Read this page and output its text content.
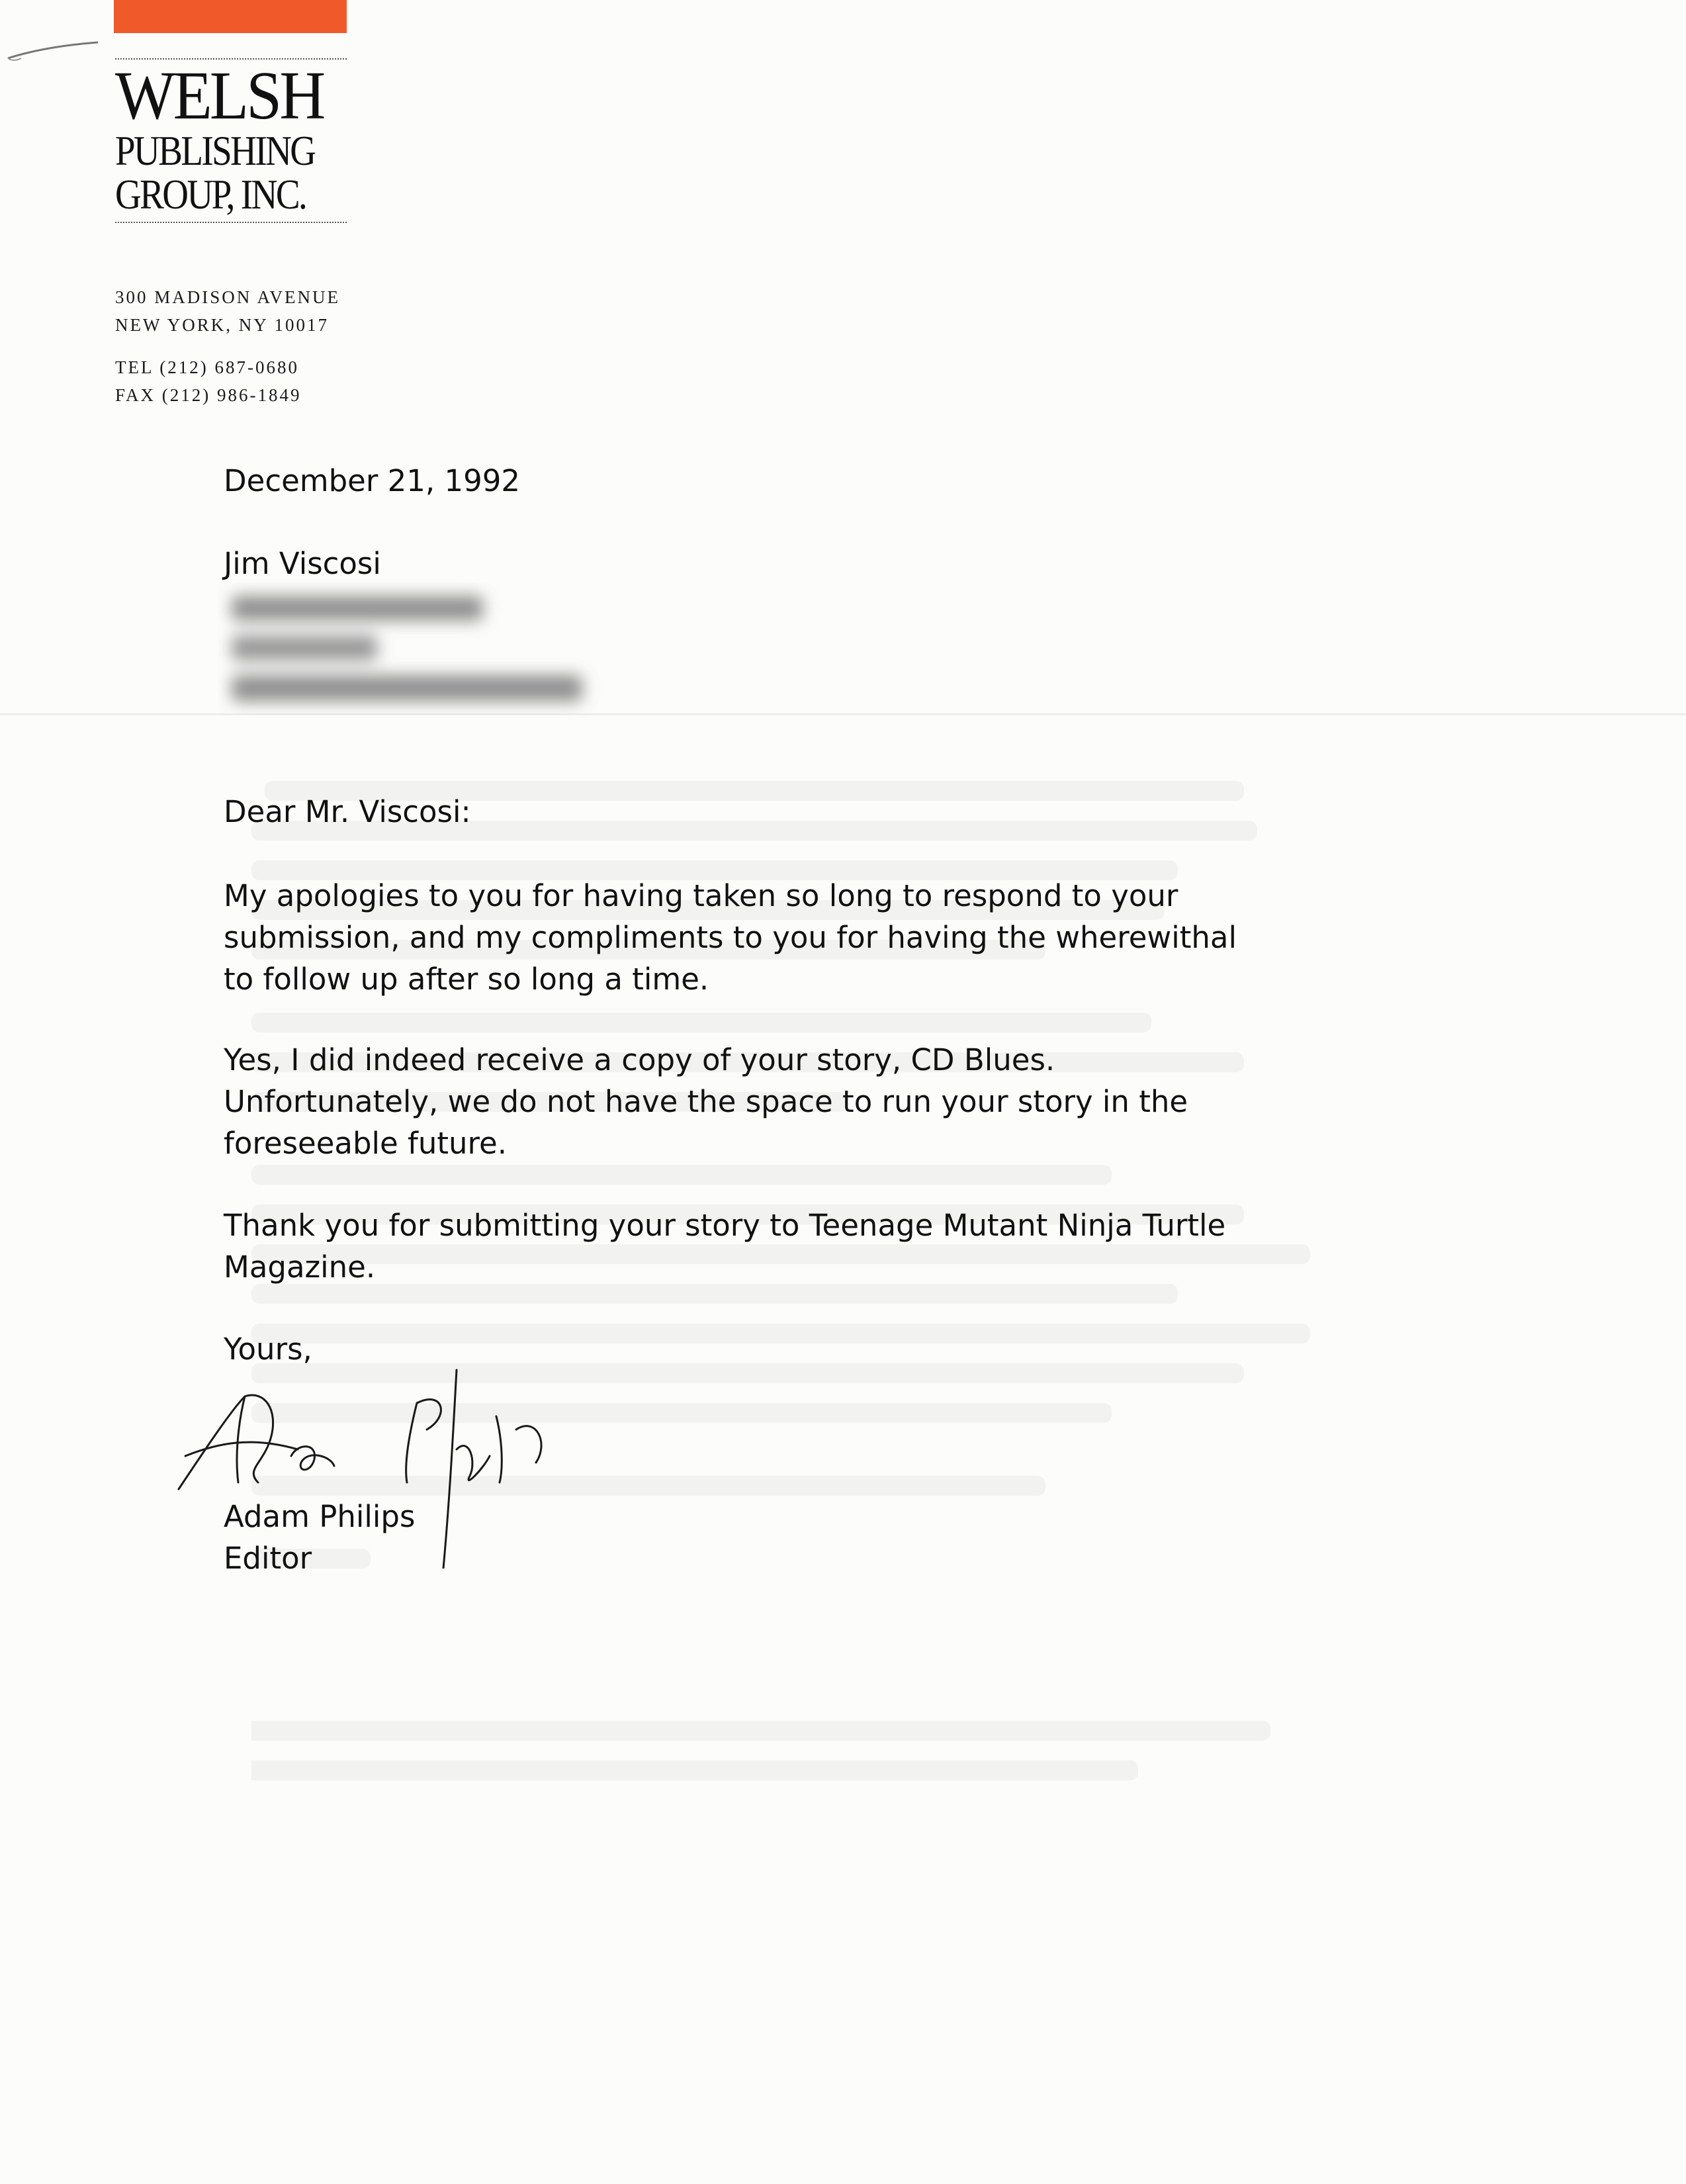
WELSH
PUBLISHING
GROUP, INC.
300 MADISON AVENUE
NEW YORK, NY 10017
TEL (212) 687-0680
FAX (212) 986-1849
December 21, 1992
Jim Viscosi
Dear Mr. Viscosi:
My apologies to you for having taken so long to respond to your
submission, and my compliments to you for having the wherewithal
to follow up after so long a time.
Yes, I did indeed receive a copy of your story, CD Blues.
Unfortunately, we do not have the space to run your story in the
foreseeable future.
Thank you for submitting your story to Teenage Mutant Ninja Turtle
Magazine.
Yours,
Adam Philips
Editor
